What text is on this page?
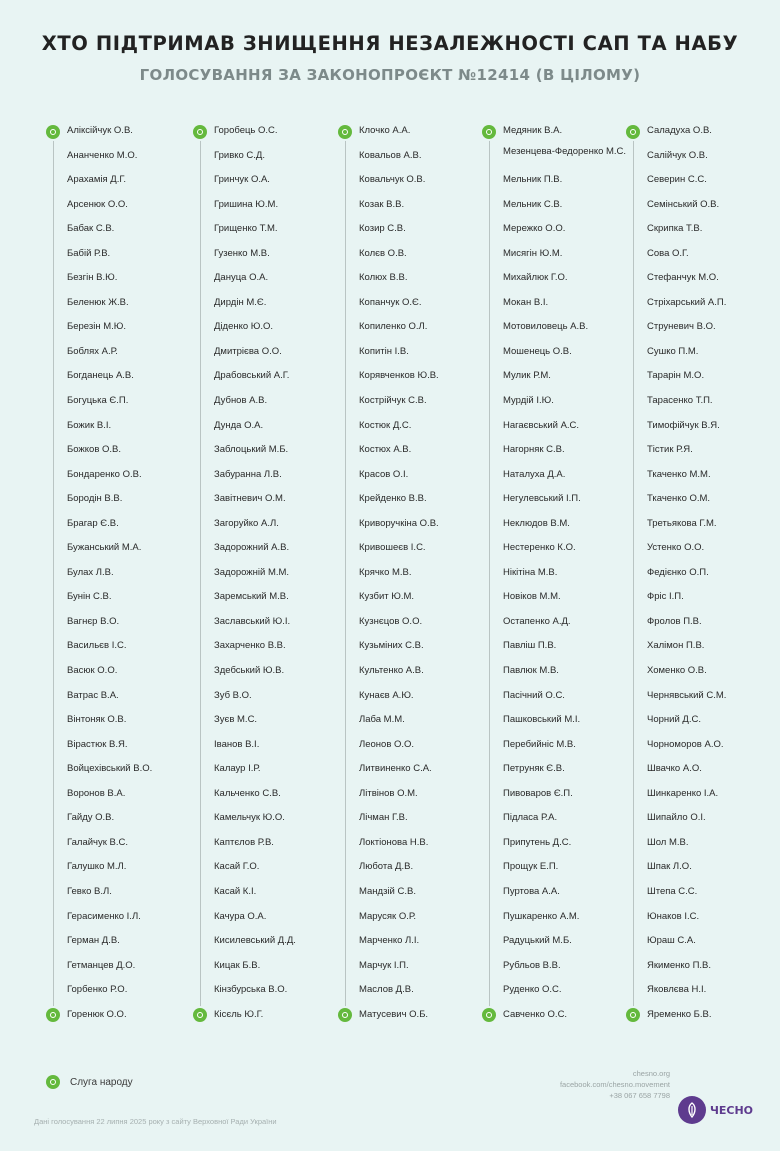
ХТО ПІДТРИМАВ ЗНИЩЕННЯ НЕЗАЛЕЖНОСТІ САП ТА НАБУ
ГОЛОСУВАННЯ ЗА ЗАКОНОПРОЄКТ №12414 (В ЦІЛОМУ)
Аліксійчук О.В.
Ананченко М.О.
Арахамія Д.Г.
Арсенюк О.О.
Бабак С.В.
Бабій Р.В.
Безгін В.Ю.
Беленюк Ж.В.
Березін М.Ю.
Боблях А.Р.
Богданець А.В.
Богуцька Є.П.
Божик В.І.
Божков О.В.
Бондаренко О.В.
Бородін В.В.
Брагар Є.В.
Бужанський М.А.
Булах Л.В.
Бунін С.В.
Вагнєр В.О.
Васильєв І.С.
Васюк О.О.
Ватрас В.А.
Вінтоняк О.В.
Вірастюк В.Я.
Войцехівський В.О.
Воронов В.А.
Гайду О.В.
Галайчук В.С.
Галушко М.Л.
Гевко В.Л.
Герасименко І.Л.
Герман Д.В.
Гетманцев Д.О.
Горбенко Р.О.
Горенюк О.О.
Горобець О.С.
Гривко С.Д.
Гринчук О.А.
Гришина Ю.М.
Грищенко Т.М.
Гузенко М.В.
Дануца О.А.
Дирдін М.Є.
Діденко Ю.О.
Дмитрієва О.О.
Драбовський А.Г.
Дубнов А.В.
Дунда О.А.
Заблоцький М.Б.
Забуранна Л.В.
Завітневич О.М.
Загоруйко А.Л.
Задорожний А.В.
Задорожній М.М.
Заремський М.В.
Заславський Ю.І.
Захарченко В.В.
Здебський Ю.В.
Зуб В.О.
Зуєв М.С.
Іванов В.І.
Калаур І.Р.
Кальченко С.В.
Камельчук Ю.О.
Каптєлов Р.В.
Касай Г.О.
Касай К.І.
Качура О.А.
Кисилевський Д.Д.
Кицак Б.В.
Кінзбурська В.О.
Кісєль Ю.Г.
Клочко А.А.
Ковальов А.В.
Ковальчук О.В.
Козак В.В.
Козир С.В.
Колєв О.В.
Колюх В.В.
Копанчук О.Є.
Копиленко О.Л.
Копитін І.В.
Корявченков Ю.В.
Кострійчук С.В.
Костюк Д.С.
Костюх А.В.
Красов О.І.
Крейденко В.В.
Криворучкіна О.В.
Кривошеєв І.С.
Крячко М.В.
Кузбит Ю.М.
Кузнєцов О.О.
Кузьміних С.В.
Культенко А.В.
Кунаєв А.Ю.
Лаба М.М.
Леонов О.О.
Литвиненко С.А.
Літвінов О.М.
Лічман Г.В.
Локтіонова Н.В.
Любота Д.В.
Мандзій С.В.
Марусяк О.Р.
Марченко Л.І.
Марчук І.П.
Маслов Д.В.
Матусевич О.Б.
Медяник В.А.
Мезенцева-Федоренко М.С.
Мельник П.В.
Мельник С.В.
Мережко О.О.
Мисягін Ю.М.
Михайлюк Г.О.
Мокан В.І.
Мотовиловець А.В.
Мошенець О.В.
Мулик Р.М.
Мурдій І.Ю.
Нагаєвський А.С.
Нагорняк С.В.
Наталуха Д.А.
Негулевський І.П.
Неклюдов В.М.
Нестеренко К.О.
Нікітіна М.В.
Новіков М.М.
Остапенко А.Д.
Павліш П.В.
Павлюк М.В.
Пасічний О.С.
Пашковський М.І.
Перебийніс М.В.
Петруняк Є.В.
Пивоваров Є.П.
Підласа Р.А.
Припутень Д.С.
Прощук Е.П.
Пуртова А.А.
Пушкаренко А.М.
Радуцький М.Б.
Рубльов В.В.
Руденко О.С.
Савченко О.С.
Саладуха О.В.
Салійчук О.В.
Северин С.С.
Семінський О.В.
Скрипка Т.В.
Сова О.Г.
Стефанчук М.О.
Стріхарський А.П.
Струневич В.О.
Сушко П.М.
Таpарін М.О.
Тарасенко Т.П.
Тимофійчук В.Я.
Тістик Р.Я.
Ткаченко М.М.
Ткаченко О.М.
Третьякова Г.М.
Устенко О.О.
Федієнко О.П.
Фріс І.П.
Фролов П.В.
Халімон П.В.
Хоменко О.В.
Чернявський С.М.
Чорний Д.С.
Чорноморов А.О.
Швачко А.О.
Шинкаренко І.А.
Шипайло О.І.
Шол М.В.
Шпак Л.О.
Штепа С.С.
Юнаков І.С.
Юраш С.А.
Якименко П.В.
Яковлєва Н.І.
Яременко Б.В.
Слуга народу
Дані голосування 22 липня 2025 року з сайту Верховної Ради України
chesno.org
facebook.com/chesno.movement
+38 067 658 7798
ЧЕСНО
